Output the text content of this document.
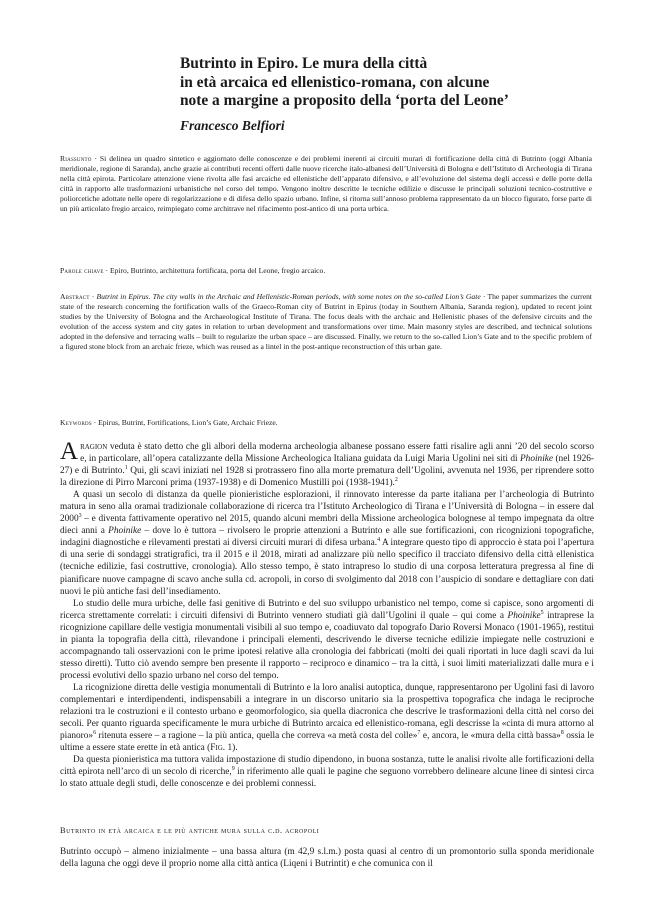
Butrinto in Epiro. Le mura della città
in età arcaica ed ellenistico-romana, con alcune
note a margine a proposito della ‘porta del Leone’

Francesco Belfiori

Riassunto · Si delinea un quadro sintetico e aggiornato delle conoscenze e dei problemi inerenti ai circuiti murari di fortificazione della città di Butrinto (oggi Albania meridionale, regione di Saranda), anche grazie ai contributi recenti offerti dalle nuove ricerche italo-albanesi dell’Università di Bologna e dell’Istituto di Archeologia di Tirana nella città epirota. Particolare attenzione viene rivolta alle fasi arcaiche ed ellenistiche dell’apparato difensivo, e all’evoluzione del sistema degli accessi e delle porte della città in rapporto alle trasformazioni urbanistiche nel corso del tempo. Vengono inoltre descritte le tecniche edilizie e discusse le principali soluzioni tecnico-costruttive e poliorcetiche adottate nelle opere di regolarizzazione e di difesa dello spazio urbano. Infine, si ritorna sull’annoso problema rappresentato da un blocco figurato, forse parte di un più articolato fregio arcaico, reimpiegato come architrave nel rifacimento post-antico di una porta urbica.

Parole chiave · Epiro, Butrinto, architettura fortificata, porta del Leone, fregio arcaico.

Abstract · Butrint in Epirus. The city walls in the Archaic and Hellenistic-Roman periods, with some notes on the so-called Lion’s Gate · The paper summarizes the current state of the research concerning the fortification walls of the Graeco-Roman city of Butrint in Epirus (today in Southern Albania, Saranda region), updated to recent joint studies by the University of Bologna and the Archaeological Institute of Tirana. The focus deals with the archaic and Hellenistic phases of the defensive circuits and the evolution of the access system and city gates in relation to urban development and transformations over time. Main masonry styles are described, and technical solutions adopted in the defensive and terracing walls – built to regularize the urban space – are discussed. Finally, we return to the so-called Lion’s Gate and to the specific problem of a figured stone block from an archaic frieze, which was reused as a lintel in the post-antique reconstruction of this urban gate.

Keywords · Epirus, Butrint, Fortifications, Lion’s Gate, Archaic Frieze.

A ragion veduta è stato detto che gli albori della moderna archeologia albanese possano essere fatti risalire agli anni ’20 del secolo scorso e, in particolare, all’opera catalizzante della Missione Archeologica Italiana guidata da Luigi Maria Ugolini nei siti di Phoinike (nel 1926-27) e di Butrinto.$^1$ Qui, gli scavi iniziati nel 1928 si protrassero fino alla morte prematura dell’Ugolini, avvenuta nel 1936, per riprendere sotto la direzione di Pirro Marconi prima (1937-1938) e di Domenico Mustilli poi (1938-1941).$^2$

A quasi un secolo di distanza da quelle pionieristiche esplorazioni, il rinnovato interesse da parte italiana per l’archeologia di Butrinto matura in seno alla oramai tradizionale collaborazione di ricerca tra l’Istituto Archeologico di Tirana e l’Università di Bologna – in essere dal 2000$^3$ – e diventa fattivamente operativo nel 2015, quando alcuni membri della Missione archeologica bolognese al tempo impegnata da oltre dieci anni a Phoinike – dove lo è tuttora – rivolsero le proprie attenzioni a Butrinto e alle sue fortificazioni, con ricognizioni topografiche, indagini diagnostiche e rilevamenti prestati ai diversi circuiti murari di difesa urbana.$^4$ A integrare questo tipo di approccio è stata poi l’apertura di una serie di sondaggi stratigrafici, tra il 2015 e il 2018, mirati ad analizzare più nello specifico il tracciato difensivo della città ellenistica (tecniche edilizie, fasi costruttive, cronologia). Allo stesso tempo, è stato intrapreso lo studio di una corposa letteratura pregressa al fine di pianificare nuove campagne di scavo anche sulla cd. acropoli, in corso di svolgimento dal 2018 con l’auspicio di sondare e dettagliare con dati nuovi le più antiche fasi dell’insediamento.

Lo studio delle mura urbiche, delle fasi genitive di Butrinto e del suo sviluppo urbanistico nel tempo, come si capisce, sono argomenti di ricerca strettamente correlati: i circuiti difensivi di Butrinto vennero studiati già dall’Ugolini il quale – qui come a Phoinike$^5$ intraprese la ricognizione capillare delle vestigia monumentali visibili al suo tempo e, coadiuvato dal topografo Dario Roversi Monaco (1901-1965), restituì in pianta la topografia della città, rilevandone i principali elementi, descrivendo le diverse tecniche edilizie impiegate nelle costruzioni e accompagnando tali osservazioni con le prime ipotesi relative alla cronologia dei fabbricati (molti dei quali riportati in luce dagli scavi da lui stesso diretti). Tutto ciò avendo sempre ben presente il rapporto – reciproco e dinamico – tra la città, i suoi limiti materializzati dalle mura e i processi evolutivi dello spazio urbano nel corso del tempo.

La ricognizione diretta delle vestigia monumentali di Butrinto e la loro analisi autoptica, dunque, rappresentarono per Ugolini fasi di lavoro complementari e interdipendenti, indispensabili a integrare in un discorso unitario sia la prospettiva topografica che indaga le reciproche relazioni tra le costruzioni e il contesto urbano e geomorfologico, sia quella diacronica che descrive le trasformazioni della città nel corso dei secoli. Per quanto riguarda specificamente le mura urbiche di Butrinto arcaica ed ellenistico-romana, egli descrisse la «cinta di mura attorno al pianoro»$^6$ ritenuta essere – a ragione – la più antica, quella che correva «a metà costa del colle»$^7$ e, ancora, le «mura della città bassa»$^8$ ossia le ultime a essere state erette in età antica (Fig. 1).

Da questa pionieristica ma tuttora valida impostazione di studio dipendono, in buona sostanza, tutte le analisi rivolte alle fortificazioni della città epirota nell’arco di un secolo di ricerche,$^9$ in riferimento alle quali le pagine che seguono vorrebbero delineare alcune linee di sintesi circa lo stato attuale degli studi, delle conoscenze e dei problemi connessi.

Butrinto in età arcaica e le più antiche mura sulla c.d. acropoli

Butrinto occupò – almeno inizialmente – una bassa altura (m 42,9 s.l.m.) posta quasi al centro di un promontorio sulla sponda meridionale della laguna che oggi deve il proprio nome alla città antica (Liqeni i Butrintit) e che comunica con il
